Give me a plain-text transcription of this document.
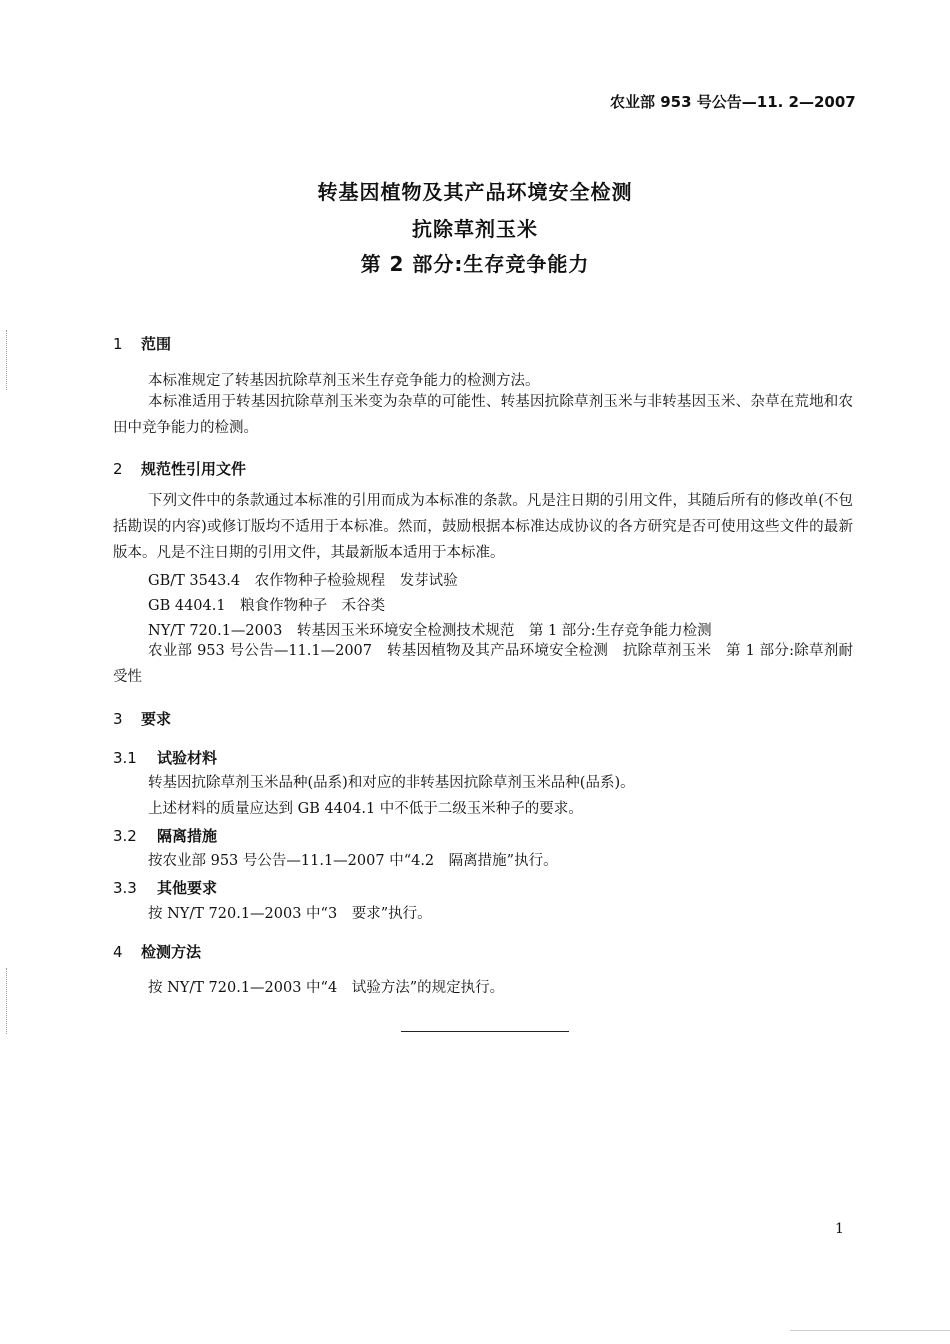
农业部 953 号公告—11. 2—2007
转基因植物及其产品环境安全检测
抗除草剂玉米
第 2 部分:生存竞争能力
1 范围
本标准规定了转基因抗除草剂玉米生存竞争能力的检测方法。
本标准适用于转基因抗除草剂玉米变为杂草的可能性、转基因抗除草剂玉米与非转基因玉米、杂草在荒地和农田中竞争能力的检测。
2 规范性引用文件
下列文件中的条款通过本标准的引用而成为本标准的条款。凡是注日期的引用文件，其随后所有的修改单(不包括勘误的内容)或修订版均不适用于本标准。然而，鼓励根据本标准达成协议的各方研究是否可使用这些文件的最新版本。凡是不注日期的引用文件，其最新版本适用于本标准。
GB/T 3543.4　农作物种子检验规程　发芽试验
GB 4404.1　粮食作物种子　禾谷类
NY/T 720.1—2003　转基因玉米环境安全检测技术规范　第 1 部分:生存竞争能力检测
农业部 953 号公告—11.1—2007　转基因植物及其产品环境安全检测　抗除草剂玉米　第 1 部分:除草剂耐受性
3 要求
3.1 试验材料
转基因抗除草剂玉米品种(品系)和对应的非转基因抗除草剂玉米品种(品系)。
上述材料的质量应达到 GB 4404.1 中不低于二级玉米种子的要求。
3.2 隔离措施
按农业部 953 号公告—11.1—2007 中“4.2　隔离措施”执行。
3.3 其他要求
按 NY/T 720.1—2003 中“3　要求”执行。
4 检测方法
按 NY/T 720.1—2003 中“4　试验方法”的规定执行。
1
